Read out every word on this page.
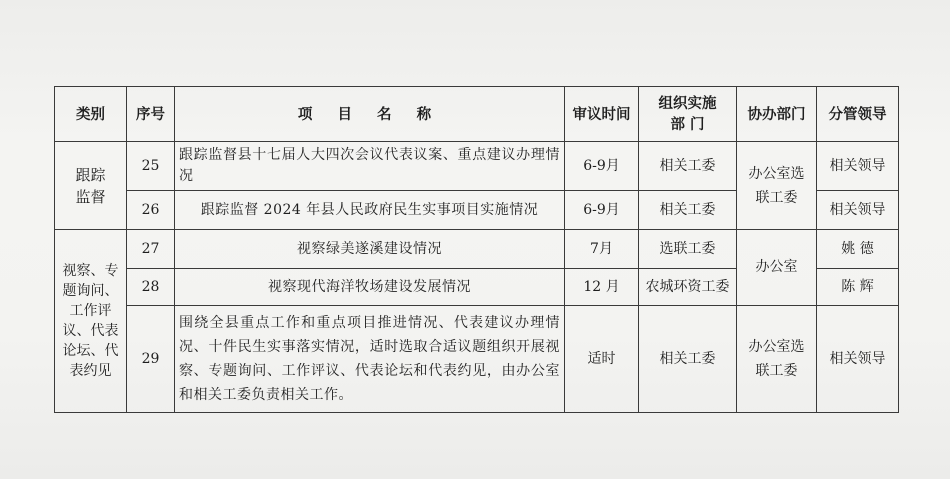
类别	序号	项 目 名 称	审议时间	组织实施部 门	协办部门	分管领导
跟踪监督	25	跟踪监督县十七届人大四次会议代表议案、重点建议办理情况	6-9月	相关工委	办公室选联工委	相关领导
	26	跟踪监督 2024 年县人民政府民生实事项目实施情况	6-9月	相关工委		相关领导
视察、专题询问、工作评议、代表论坛、代表约见	27	视察绿美遂溪建设情况	7月	选联工委	办公室	姚 德
	28	视察现代海洋牧场建设发展情况	12 月	农城环资工委		陈 辉
	29	围绕全县重点工作和重点项目推进情况、代表建议办理情况、十件民生实事落实情况，适时选取合适议题组织开展视察、专题询问、工作评议、代表论坛和代表约见，由办公室和相关工委负责相关工作。	适时	相关工委	办公室选联工委	相关领导
